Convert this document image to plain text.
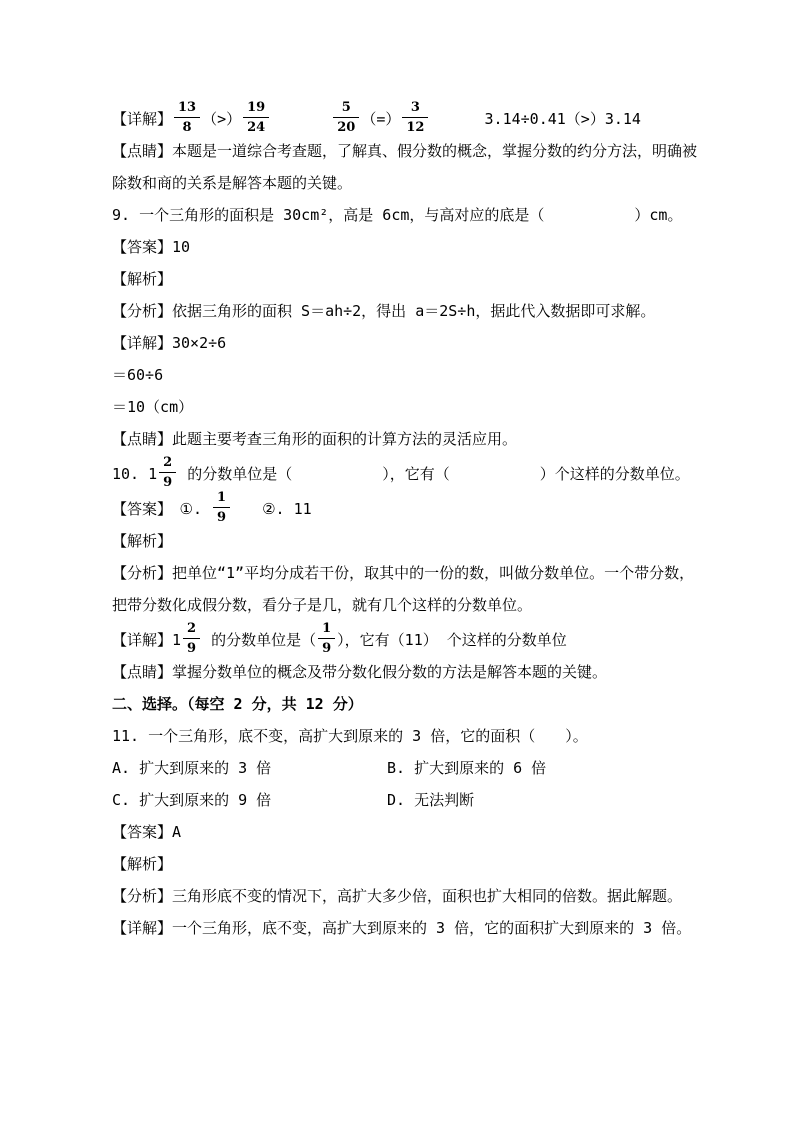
【详解】 $\frac{13}{8}$ （>） $\frac{19}{24}$
　　　　	$\frac{5}{20}$ （=） $\frac{3}{12}$
　　　	3.14÷0.41（>）3.14
【点睛】本题是一道综合考查题，了解真、假分数的概念，掌握分数的约分方法，明确被
除数和商的关系是解答本题的关键。
9. 一个三角形的面积是 30cm²，高是 6cm，与高对应的底是（　　　　　　）cm。
【答案】10
【解析】
【分析】依据三角形的面积 S＝ah÷2，得出 a＝2S÷h，据此代入数据即可求解。
【详解】30×2÷6
＝60÷6
＝10（cm）
【点睛】此题主要考查三角形的面积的计算方法的灵活应用。
10. $1 \frac{2}{9}$ 的分数单位是（　　　　　　），它有（　　　　　　）个这样的分数单位。
【答案】　①. $\frac{1}{9}$ 　　②. 11
【解析】
【分析】把单位“1”平均分成若干份，取其中的一份的数，叫做分数单位。一个带分数，
把带分数化成假分数，看分子是几，就有几个这样的分数单位。
【详解】$1 \frac{2}{9}$ 的分数单位是（ $\frac{1}{9}$ ），它有（11） 个这样的分数单位
【点睛】掌握分数单位的概念及带分数化假分数的方法是解答本题的关键。
二、选择。（每空 2 分，共 12 分）
11. 一个三角形，底不变，高扩大到原来的 3 倍，它的面积（　　）。
A. 扩大到原来的 3 倍	B. 扩大到原来的 6 倍
C. 扩大到原来的 9 倍	D. 无法判断
【答案】A
【解析】
【分析】三角形底不变的情况下，高扩大多少倍，面积也扩大相同的倍数。据此解题。
【详解】一个三角形，底不变，高扩大到原来的 3 倍，它的面积扩大到原来的 3 倍。
